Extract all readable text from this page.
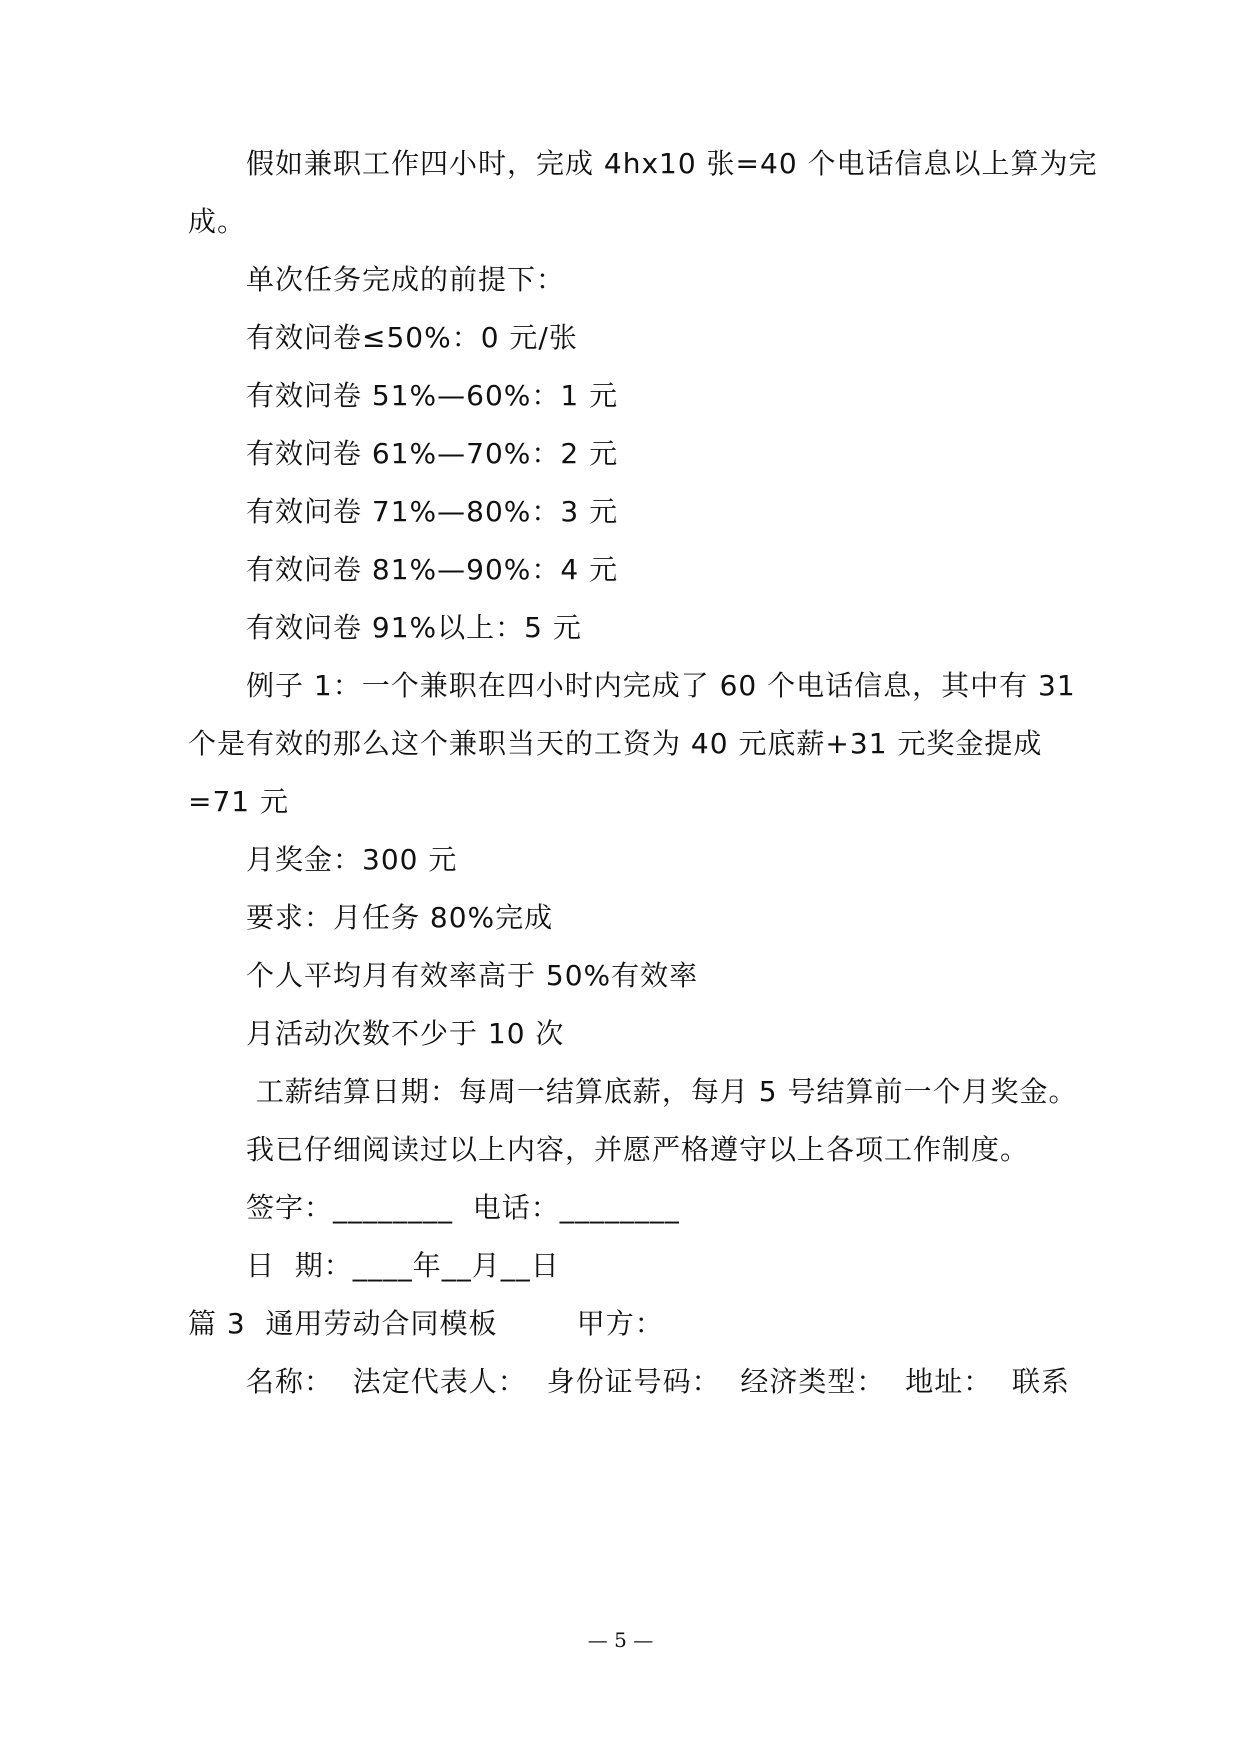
假如兼职工作四小时，完成 4hx10 张=40 个电话信息以上算为完
成。
单次任务完成的前提下：
有效问卷≤50%：0 元/张
有效问卷 51%—60%：1 元
有效问卷 61%—70%：2 元
有效问卷 71%—80%：3 元
有效问卷 81%—90%：4 元
有效问卷 91%以上：5 元
例子 1：一个兼职在四小时内完成了 60 个电话信息，其中有 31
个是有效的那么这个兼职当天的工资为 40 元底薪+31 元奖金提成
=71 元
月奖金：300 元
要求：月任务 80%完成
个人平均月有效率高于 50%有效率
月活动次数不少于 10 次
工薪结算日期：每周一结算底薪，每月 5 号结算前一个月奖金。
我已仔细阅读过以上内容，并愿严格遵守以上各项工作制度。
签字：________  电话：________
日  期：____年__月__日
篇 3  通用劳动合同模板        甲方：
名称：  法定代表人：  身份证号码：  经济类型：  地址：  联系
— 5 —
